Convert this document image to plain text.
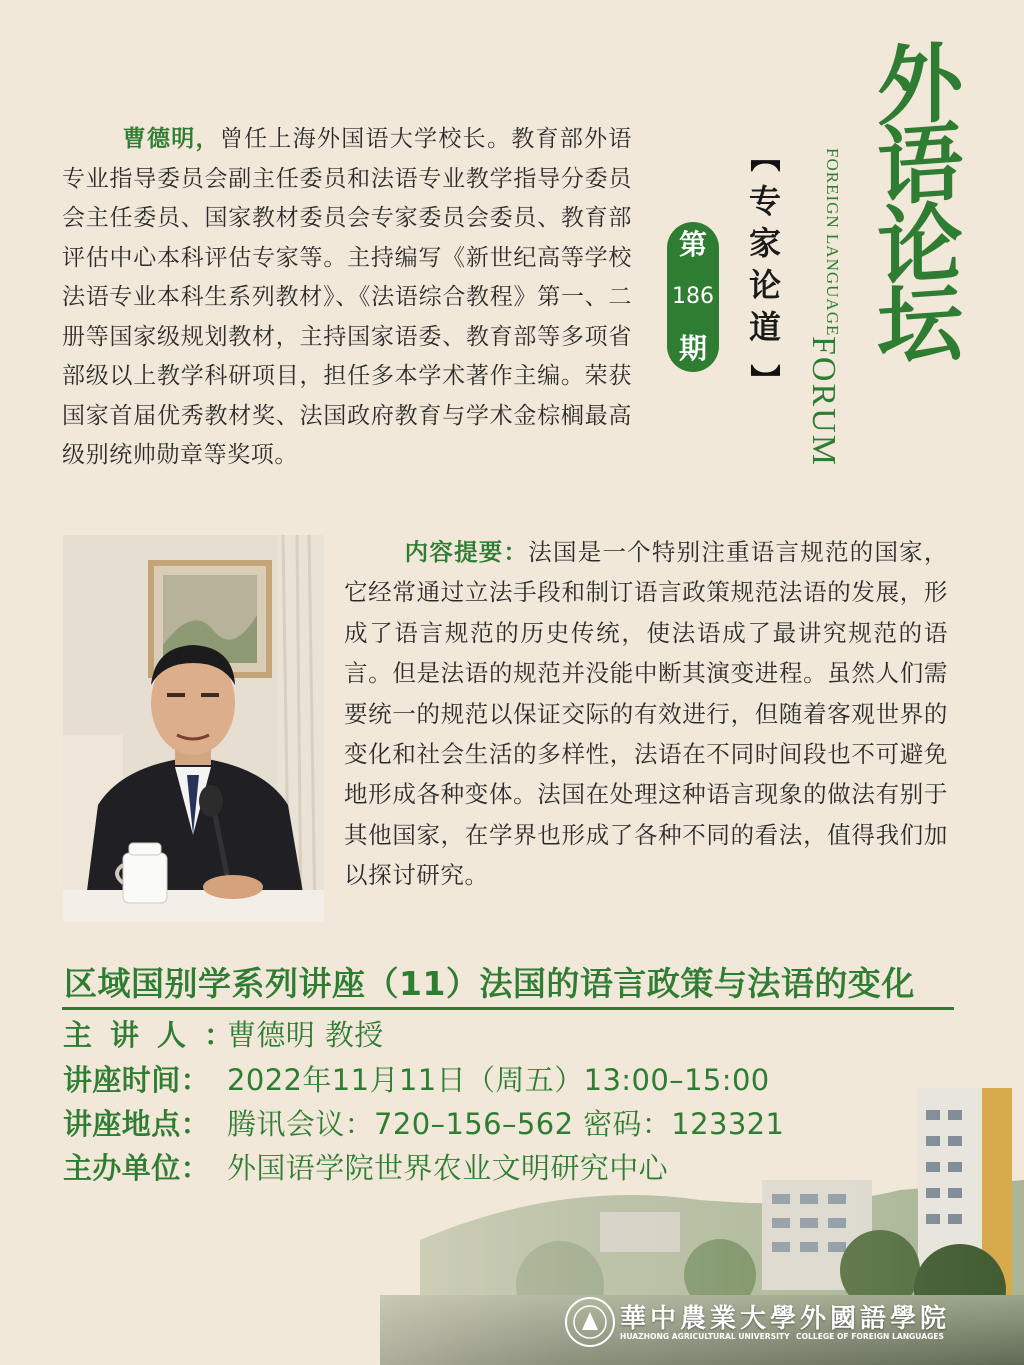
曹德明，曾任上海外国语大学校长。教育部外语专业指导委员会副主任委员和法语专业教学指导分委员会主任委员、国家教材委员会专家委员会委员、教育部评估中心本科评估专家等。主持编写《新世纪高等学校法语专业本科生系列教材》、《法语综合教程》第一、二册等国家级规划教材，主持国家语委、教育部等多项省部级以上教学科研项目，担任多本学术著作主编。荣获国家首届优秀教材奖、法国政府教育与学术金棕榈最高级别统帅勋章等奖项。

第
186
期
【
专家论道
】
FOREIGN LANGUAGE
FORUM
外语论坛

内容提要：法国是一个特别注重语言规范的国家，它经常通过立法手段和制订语言政策规范法语的发展，形成了语言规范的历史传统，使法语成了最讲究规范的语言。但是法语的规范并没能中断其演变进程。虽然人们需要统一的规范以保证交际的有效进行，但随着客观世界的变化和社会生活的多样性，法语在不同时间段也不可避免地形成各种变体。法国在处理这种语言现象的做法有别于其他国家，在学界也形成了各种不同的看法，值得我们加以探讨研究。

区域国别学系列讲座（11）法国的语言政策与法语的变化
華中農業大學外國語學院
HUAZHONG AGRICULTURAL UNIVERSITY COLLEGE OF FOREIGN LANGUAGES
主讲人：曹德明 教授
讲座时间： 2022年11月11日（周五）13:00–15:00
讲座地点： 腾讯会议：720–156–562 密码：123321
主办单位： 外国语学院世界农业文明研究中心
